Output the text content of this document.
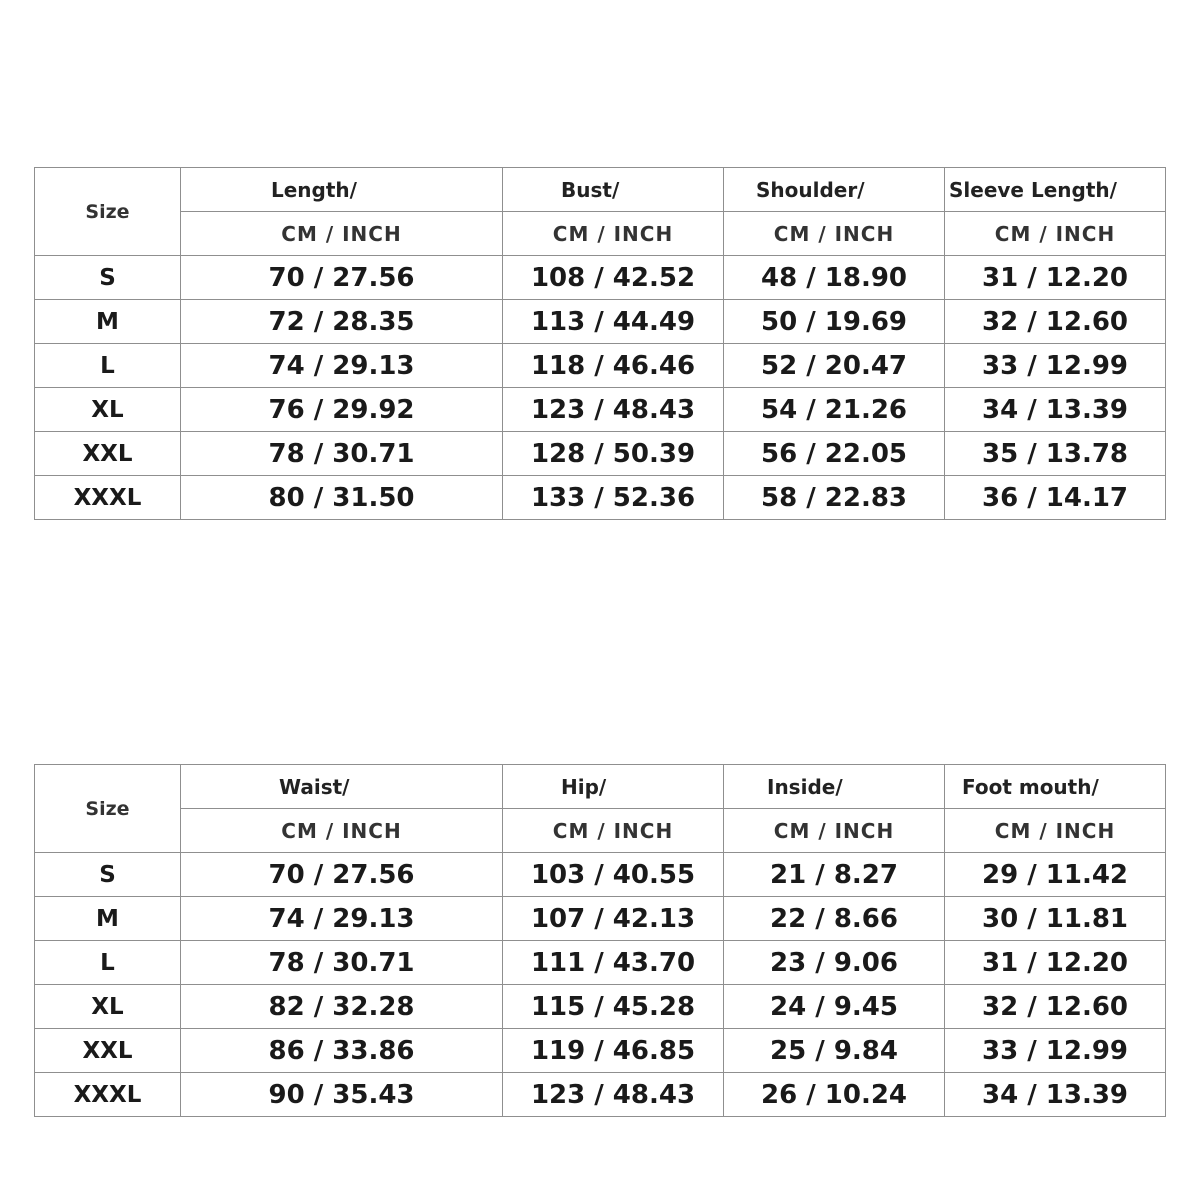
Size	Length/	Bust/	Shoulder/	Sleeve Length/

	CM / INCH	CM / INCH	CM / INCH	CM / INCH
S	70 / 27.56	108 / 42.52	48 / 18.90	31 / 12.20
M	72 / 28.35	113 / 44.49	50 / 19.69	32 / 12.60
L	74 / 29.13	118 / 46.46	52 / 20.47	33 / 12.99
XL	76 / 29.92	123 / 48.43	54 / 21.26	34 / 13.39
XXL	78 / 30.71	128 / 50.39	56 / 22.05	35 / 13.78
XXXL	80 / 31.50	133 / 52.36	58 / 22.83	36 / 14.17
Size	Waist/	Hip/	Inside/	Foot mouth/

	CM / INCH	CM / INCH	CM / INCH	CM / INCH
S	70 / 27.56	103 / 40.55	21 / 8.27	29 / 11.42
M	74 / 29.13	107 / 42.13	22 / 8.66	30 / 11.81
L	78 / 30.71	111 / 43.70	23 / 9.06	31 / 12.20
XL	82 / 32.28	115 / 45.28	24 / 9.45	32 / 12.60
XXL	86 / 33.86	119 / 46.85	25 / 9.84	33 / 12.99
XXXL	90 / 35.43	123 / 48.43	26 / 10.24	34 / 13.39
